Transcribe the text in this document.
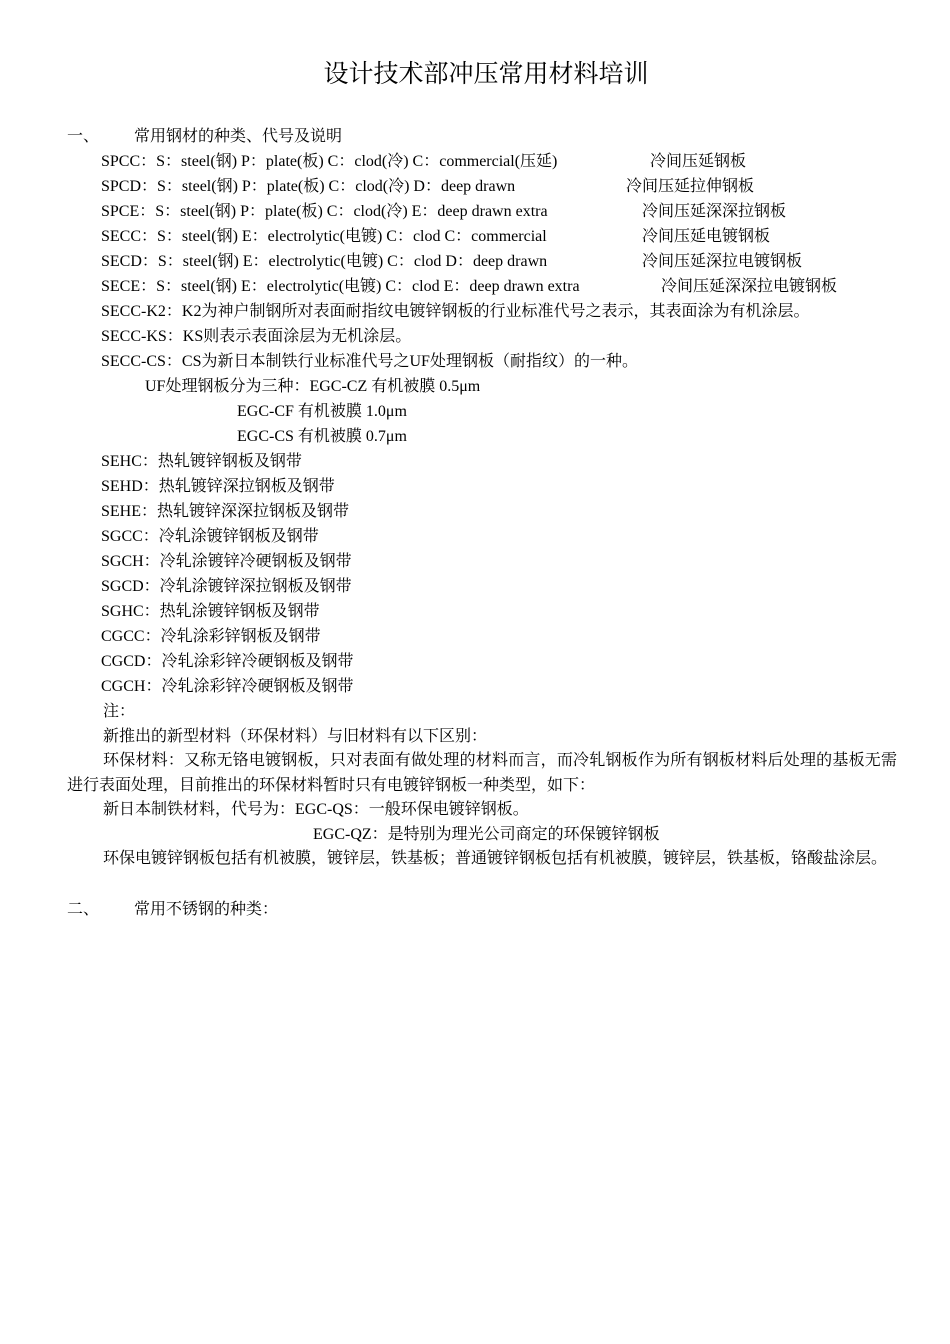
设计技术部冲压常用材料培训
一、 常用钢材的种类、代号及说明
SPCC：S：steel(钢) P：plate(板) C：clod(冷) C：commercial(压延)	冷间压延钢板
SPCD：S：steel(钢) P：plate(板) C：clod(冷) D：deep drawn	冷间压延拉伸钢板
SPCE：S：steel(钢) P：plate(板) C：clod(冷) E：deep drawn extra	冷间压延深深拉钢板
SECC：S：steel(钢) E：electrolytic(电镀) C：clod C：commercial	冷间压延电镀钢板
SECD：S：steel(钢) E：electrolytic(电镀) C：clod D：deep drawn	冷间压延深拉电镀钢板
SECE：S：steel(钢) E：electrolytic(电镀) C：clod E：deep drawn extra	冷间压延深深拉电镀钢板
SECC-K2：K2为神户制钢所对表面耐指纹电镀锌钢板的行业标准代号之表示，其表面涂为有机涂层。
SECC-KS：KS则表示表面涂层为无机涂层。
SECC-CS：CS为新日本制铁行业标准代号之UF处理钢板（耐指纹）的一种。
UF处理钢板分为三种：EGC-CZ 有机被膜 0.5μm
EGC-CF 有机被膜 1.0μm
EGC-CS 有机被膜 0.7μm
SEHC：热轧镀锌钢板及钢带
SEHD：热轧镀锌深拉钢板及钢带
SEHE：热轧镀锌深深拉钢板及钢带
SGCC：冷轧涂镀锌钢板及钢带
SGCH：冷轧涂镀锌冷硬钢板及钢带
SGCD：冷轧涂镀锌深拉钢板及钢带
SGHC：热轧涂镀锌钢板及钢带
CGCC：冷轧涂彩锌钢板及钢带
CGCD：冷轧涂彩锌冷硬钢板及钢带
CGCH：冷轧涂彩锌冷硬钢板及钢带
注：
新推出的新型材料（环保材料）与旧材料有以下区别：
环保材料：又称无铬电镀钢板，只对表面有做处理的材料而言，而冷轧钢板作为所有钢板材料后处理的基板无需进行表面处理，目前推出的环保材料暂时只有电镀锌钢板一种类型，如下：
新日本制铁材料，代号为：EGC-QS：一般环保电镀锌钢板。
EGC-QZ：是特别为理光公司商定的环保镀锌钢板
环保电镀锌钢板包括有机被膜，镀锌层，铁基板；普通镀锌钢板包括有机被膜，镀锌层，铁基板，铬酸盐涂层。
二、 常用不锈钢的种类：
